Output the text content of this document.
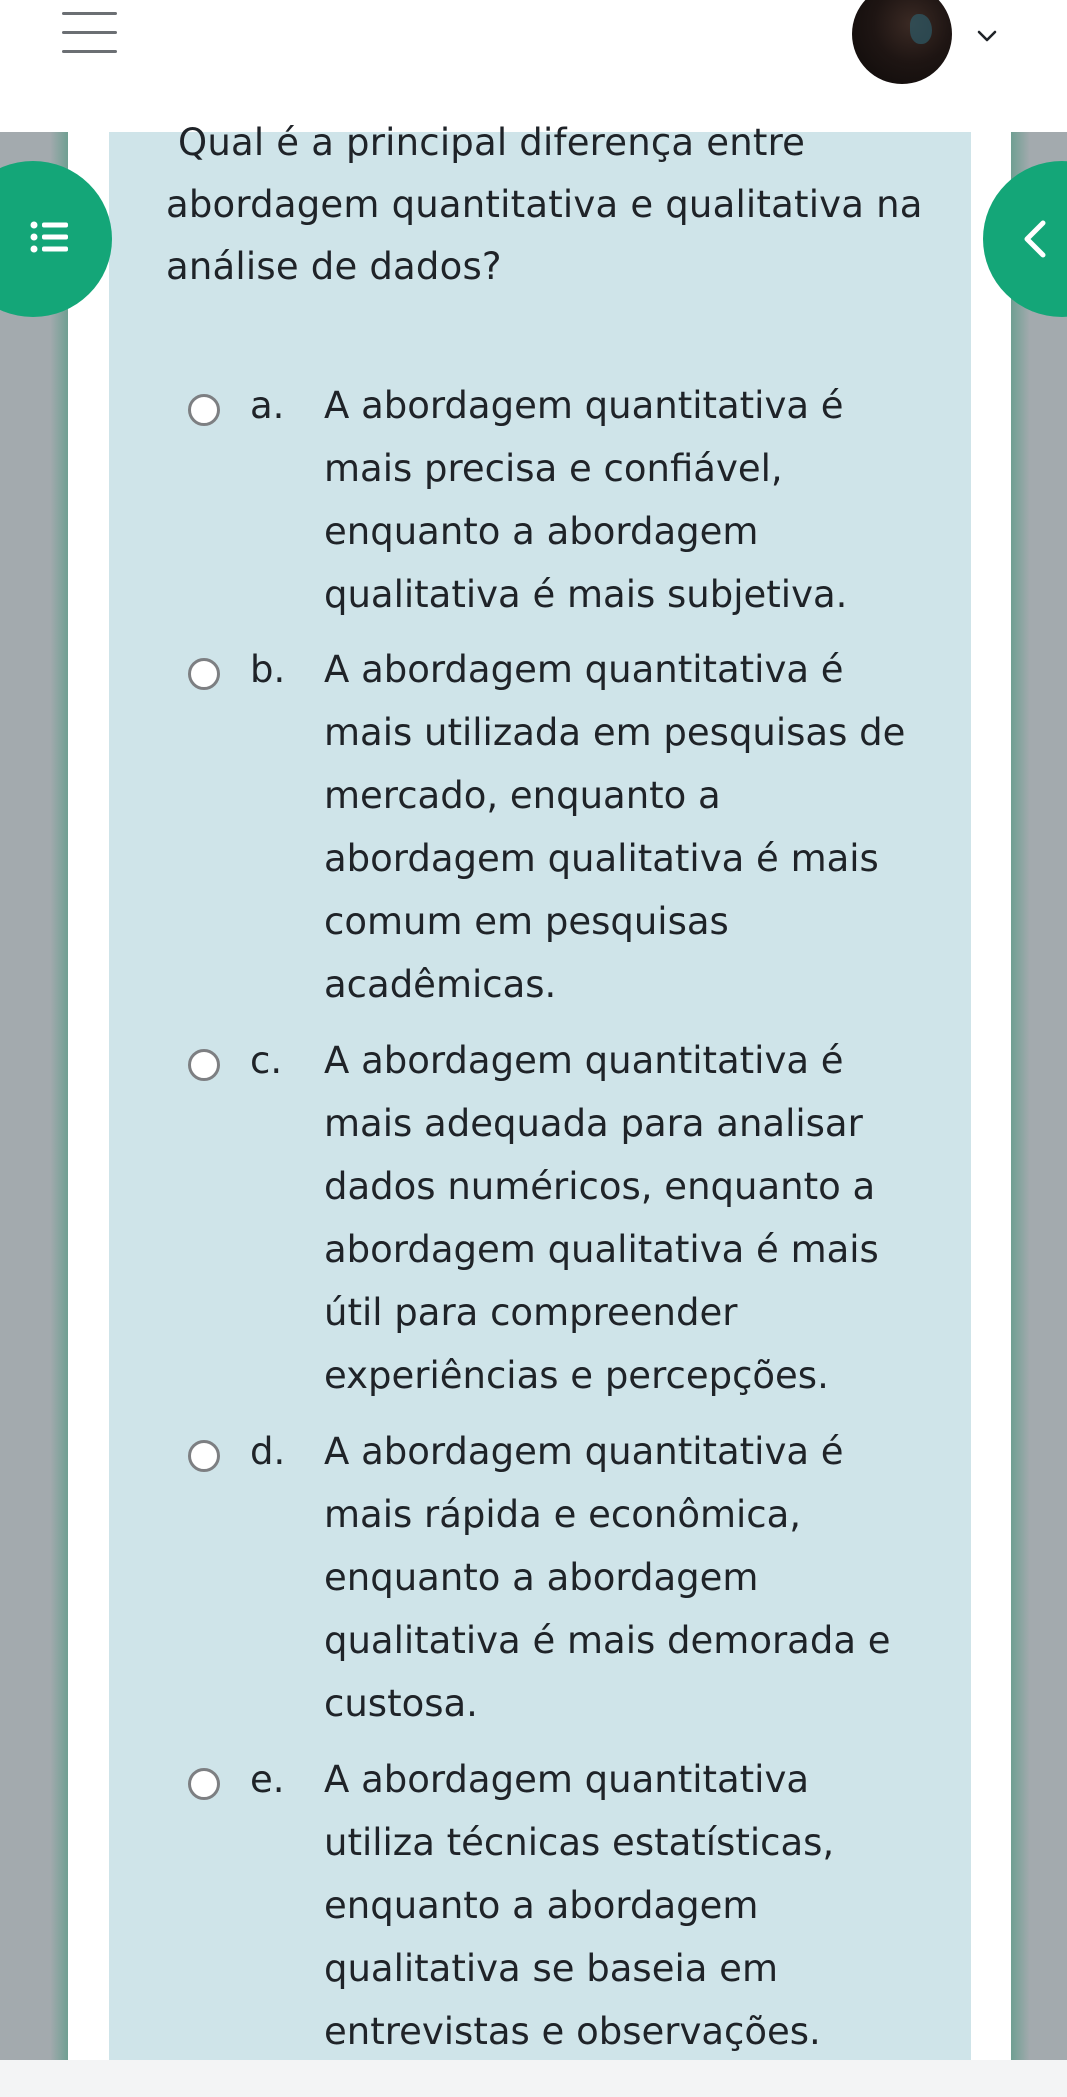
Qual é a principal diferença entre abordagem quantitativa e qualitativa na análise de dados?

a. A abordagem quantitativa é mais precisa e confiável, enquanto a abordagem qualitativa é mais subjetiva.

b. A abordagem quantitativa é mais utilizada em pesquisas de mercado, enquanto a abordagem qualitativa é mais comum em pesquisas acadêmicas.

c. A abordagem quantitativa é mais adequada para analisar dados numéricos, enquanto a abordagem qualitativa é mais útil para compreender experiências e percepções.

d. A abordagem quantitativa é mais rápida e econômica, enquanto a abordagem qualitativa é mais demorada e custosa.

e. A abordagem quantitativa utiliza técnicas estatísticas, enquanto a abordagem qualitativa se baseia em entrevistas e observações.
